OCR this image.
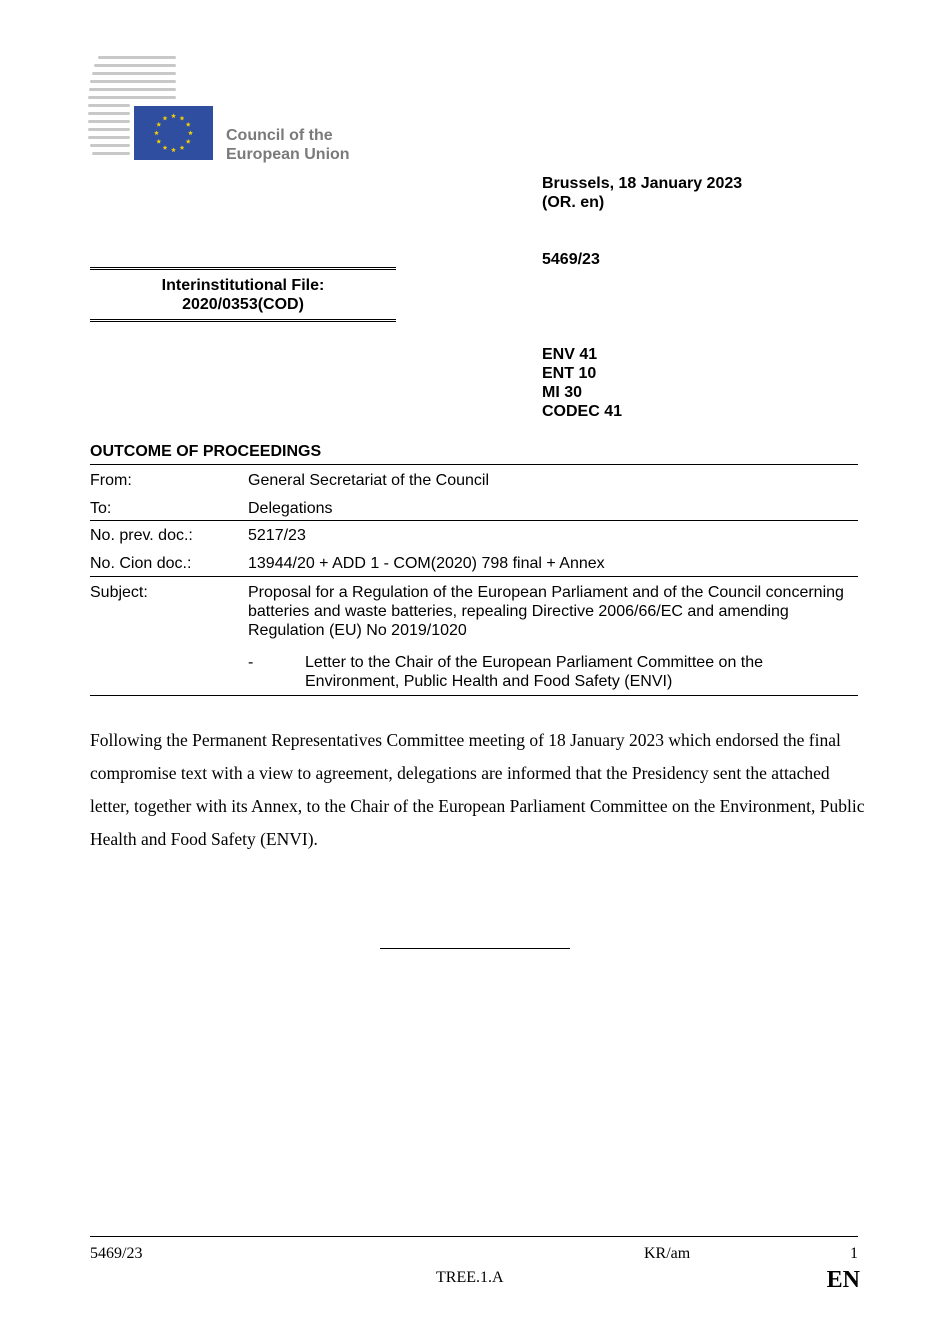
Council of the
European Union
Brussels, 18 January 2023
(OR. en)
5469/23
ENV 41
ENT 10
MI 30
CODEC 41
Interinstitutional File:
2020/0353(COD)
OUTCOME OF PROCEEDINGS
From:	General Secretariat of the Council
To:	Delegations
No. prev. doc.:	5217/23
No. Cion doc.:	13944/20 + ADD 1 - COM(2020) 798 final + Annex
Subject:	Proposal for a Regulation of the European Parliament and of the Council concerning batteries and waste batteries, repealing Directive 2006/66/EC and amending Regulation (EU) No 2019/1020
-	Letter to the Chair of the European Parliament Committee on the Environment, Public Health and Food Safety (ENVI)
Following the Permanent Representatives Committee meeting of 18 January 2023 which endorsed the final compromise text with a view to agreement, delegations are informed that the Presidency sent the attached letter, together with its Annex, to the Chair of the European Parliament Committee on the Environment, Public Health and Food Safety (ENVI).
5469/23	KR/am	1
TREE.1.A	EN
